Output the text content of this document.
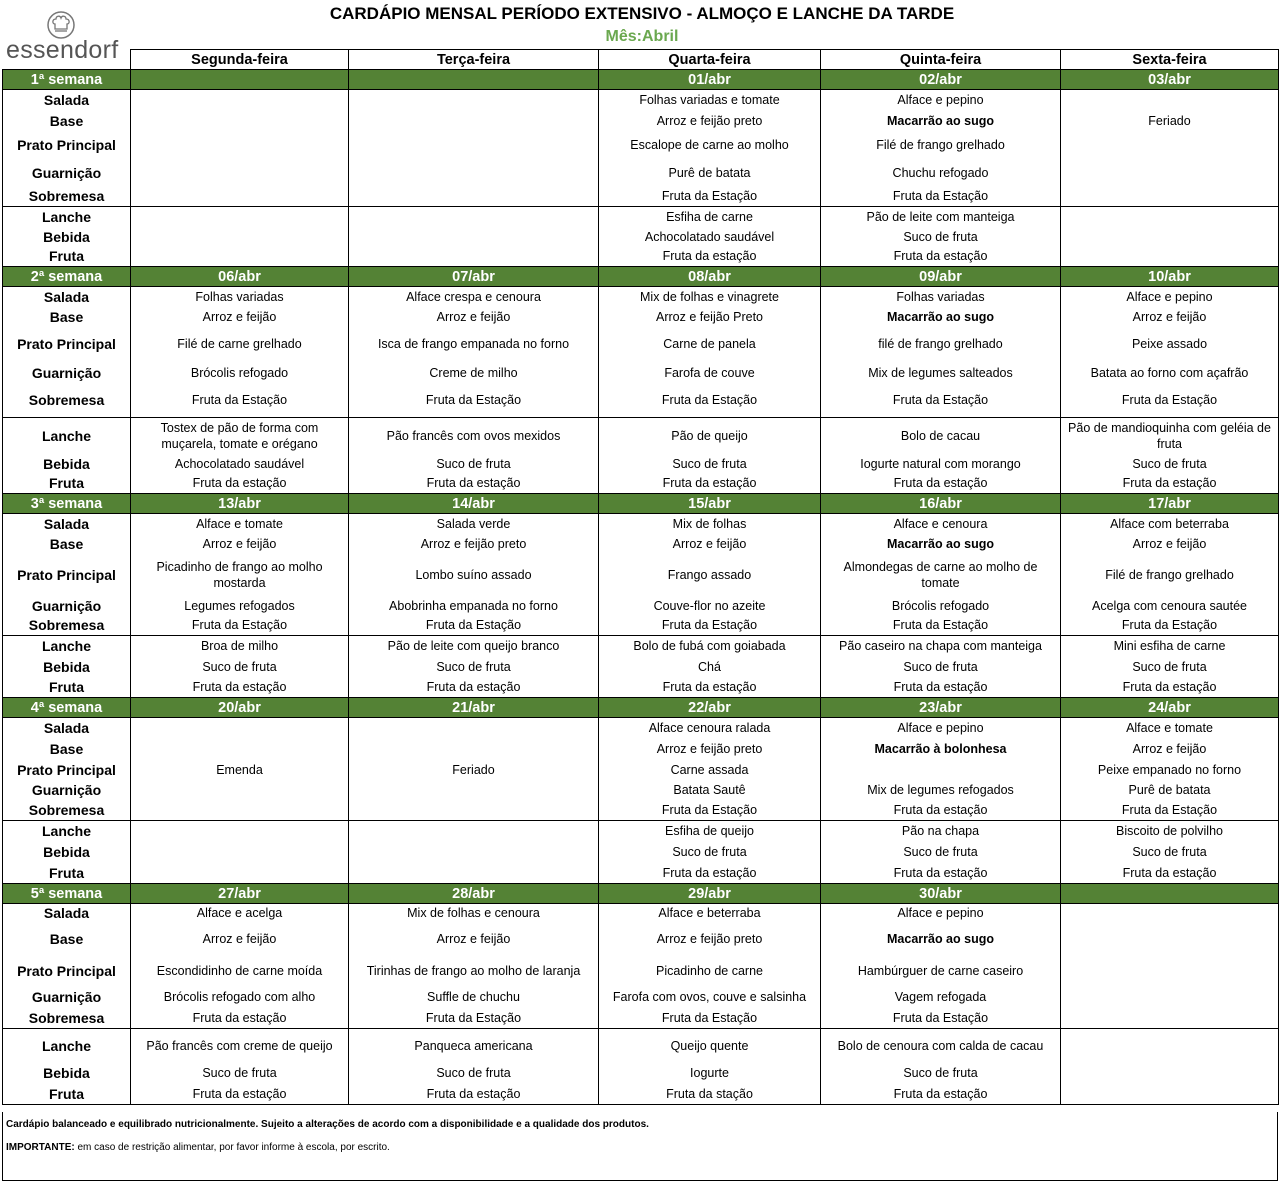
essendorf
CARDÁPIO MENSAL PERÍODO EXTENSIVO - ALMOÇO E LANCHE DA TARDE
Mês:Abril
	Segunda-feira	Terça-feira	Quarta-feira	Quinta-feira	Sexta-feira
1ª semana			01/abr	02/abr	03/abr
Salada			Folhas variadas e tomate	Alface e pepino	
Base			Arroz e feijão preto	Macarrão ao sugo	Feriado
Prato Principal			Escalope de carne ao molho	Filé de frango grelhado	
Guarnição			Purê de batata	Chuchu refogado	
Sobremesa			Fruta da Estação	Fruta da Estação	
Lanche			Esfiha de carne	Pão de leite com manteiga	
Bebida			Achocolatado saudável	Suco de fruta	
Fruta			Fruta da estação	Fruta da estação	
2ª semana	06/abr	07/abr	08/abr	09/abr	10/abr
Salada	Folhas variadas	Alface crespa e cenoura	Mix de folhas e vinagrete	Folhas variadas	Alface e pepino
Base	Arroz e feijão	Arroz e feijão	Arroz e feijão Preto	Macarrão ao sugo	Arroz e feijão
Prato Principal	Filé de carne grelhado	Isca de frango empanada no forno	Carne de panela	filé de frango grelhado	Peixe assado
Guarnição	Brócolis refogado	Creme de milho	Farofa de couve	Mix de legumes salteados	Batata ao forno com açafrão
Sobremesa	Fruta da Estação	Fruta da Estação	Fruta da Estação	Fruta da Estação	Fruta da Estação
Lanche	Tostex de pão de forma com muçarela, tomate e orégano	Pão francês com ovos mexidos	Pão de queijo	Bolo de cacau	Pão de mandioquinha com geléia de fruta
Bebida	Achocolatado saudável	Suco de fruta	Suco de fruta	Iogurte natural com morango	Suco de fruta
Fruta	Fruta da estação	Fruta da estação	Fruta da estação	Fruta da estação	Fruta da estação
3ª semana	13/abr	14/abr	15/abr	16/abr	17/abr
Salada	Alface e tomate	Salada verde	Mix de folhas	Alface e cenoura	Alface com beterraba
Base	Arroz e feijão	Arroz e feijão preto	Arroz e feijão	Macarrão ao sugo	Arroz e feijão
Prato Principal	Picadinho de frango ao molho mostarda	Lombo suíno assado	Frango assado	Almondegas de carne ao molho de tomate	Filé de frango grelhado
Guarnição	Legumes refogados	Abobrinha empanada no forno	Couve-flor no azeite	Brócolis refogado	Acelga com cenoura sautée
Sobremesa	Fruta da Estação	Fruta da Estação	Fruta da Estação	Fruta da Estação	Fruta da Estação
Lanche	Broa de milho	Pão de leite com queijo branco	Bolo de fubá com goiabada	Pão caseiro na chapa com manteiga	Mini esfiha de carne
Bebida	Suco de fruta	Suco de fruta	Chá	Suco de fruta	Suco de fruta
Fruta	Fruta da estação	Fruta da estação	Fruta da estação	Fruta da estação	Fruta da estação
4ª semana	20/abr	21/abr	22/abr	23/abr	24/abr
Salada			Alface cenoura ralada	Alface e pepino	Alface e tomate
Base			Arroz e feijão preto	Macarrão à bolonhesa	Arroz e feijão
Prato Principal	Emenda	Feriado	Carne assada		Peixe empanado no forno
Guarnição			Batata Sautê	Mix de legumes refogados	Purê de batata
Sobremesa			Fruta da Estação	Fruta da estação	Fruta da Estação
Lanche			Esfiha de queijo	Pão na chapa	Biscoito de polvilho
Bebida			Suco de fruta	Suco de fruta	Suco de fruta
Fruta			Fruta da estação	Fruta da estação	Fruta da estação
5ª semana	27/abr	28/abr	29/abr	30/abr	
Salada	Alface e acelga	Mix de folhas e cenoura	Alface e beterraba	Alface e pepino	
Base	Arroz e feijão	Arroz e feijão	Arroz e feijão preto	Macarrão ao sugo	
Prato Principal	Escondidinho de carne moída	Tirinhas de frango ao molho de laranja	Picadinho de carne	Hambúrguer de carne caseiro	
Guarnição	Brócolis refogado com alho	Suffle de chuchu	Farofa com ovos, couve e salsinha	Vagem refogada	
Sobremesa	Fruta da estação	Fruta da Estação	Fruta da Estação	Fruta da Estação	
Lanche	Pão francês com creme de queijo	Panqueca americana	Queijo quente	Bolo de cenoura com calda de cacau	
Bebida	Suco de fruta	Suco de fruta	Iogurte	Suco de fruta	
Fruta	Fruta da estação	Fruta da estação	Fruta da stação	Fruta da estação	

Cardápio balanceado e equilibrado nutricionalmente. Sujeito a alterações de acordo com a disponibilidade e a qualidade dos produtos.

IMPORTANTE: em caso de restrição alimentar, por favor informe à escola, por escrito.
